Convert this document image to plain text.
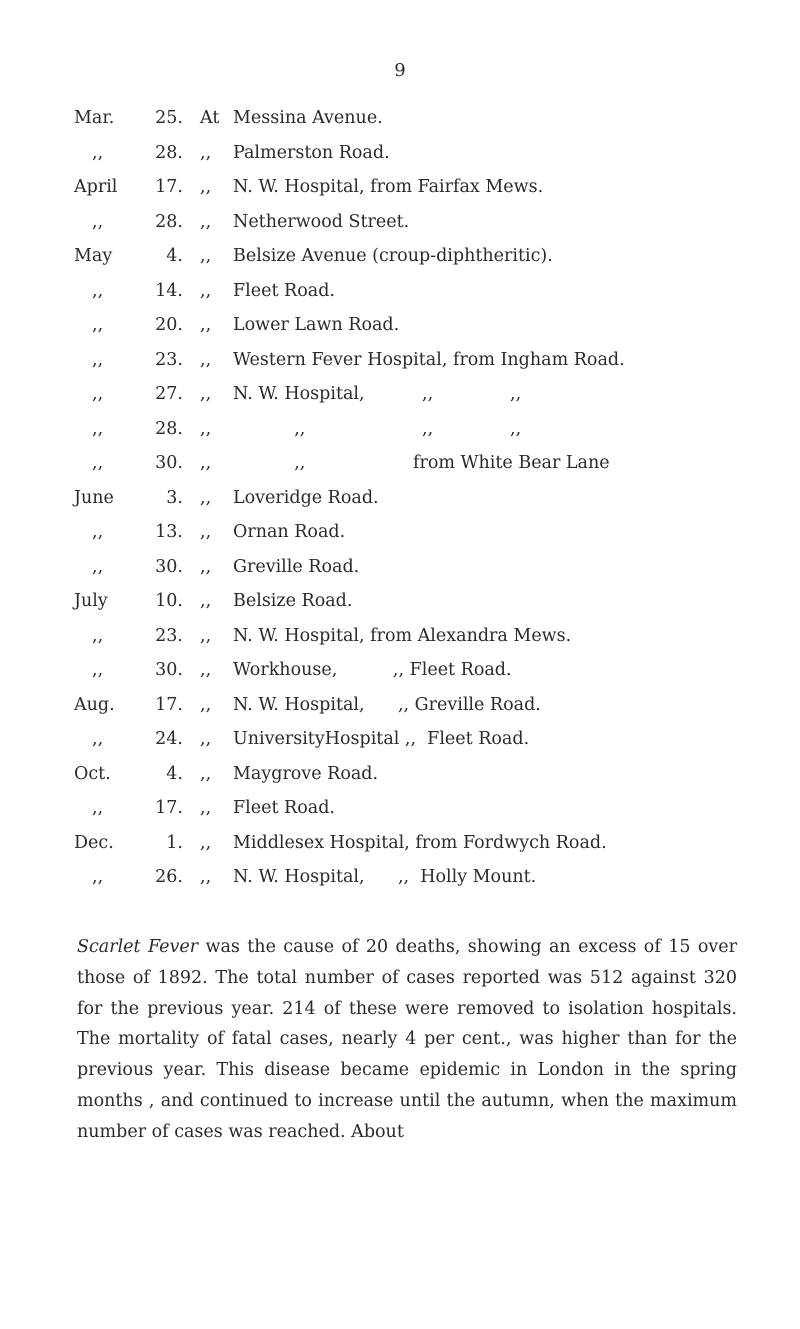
9
Mar.	25. At Messina Avenue.
,,	28. ,, Palmerston Road.
April	17. ,, N. W. Hospital, from Fairfax Mews.
,,	28. ,, Netherwood Street.
May	4. ,, Belsize Avenue (croup-diphtheritic).
,,	14. ,, Fleet Road.
,,	20. ,, Lower Lawn Road.
,,	23. ,, Western Fever Hospital, from Ingham Road.
,,	27. ,, N. W. Hospital,	,,	,,
,,	28. ,, ,,	,,	,,
,,	30. ,, ,,	from White Bear Lane
June	3. ,, Loveridge Road.
,,	13. ,, Ornan Road.
,,	30. ,, Greville Road.
July	10. ,, Belsize Road.
,,	23. ,, N. W. Hospital, from Alexandra Mews.
,,	30. ,, Workhouse,          ,, Fleet Road.
Aug.	17. ,, N. W. Hospital,      ,, Greville Road.
,,	24. ,, UniversityHospital ,,  Fleet Road.
Oct.	4. ,, Maygrove Road.
,,	17. ,, Fleet Road.
Dec.	1. ,, Middlesex Hospital, from Fordwych Road.
,,	26. ,, N. W. Hospital,      ,,  Holly Mount.

Scarlet Fever was the cause of 20 deaths, showing an excess of 15 over those of 1892. The total number of cases reported was 512 against 320 for the previous year. 214 of these were removed to isolation hospitals. The mortality of fatal cases, nearly 4 per cent., was higher than for the previous year. This disease became epidemic in London in the spring months , and continued to increase until the autumn, when the maximum number of cases was reached. About
